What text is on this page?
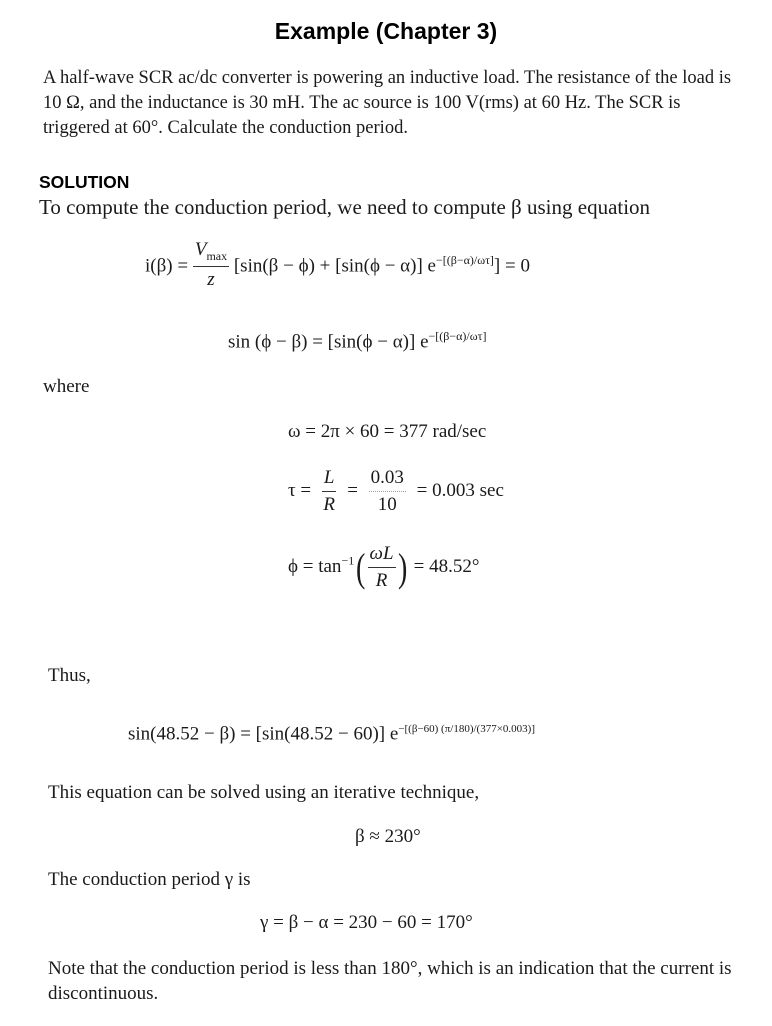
Example (Chapter 3)
A half-wave SCR ac/dc converter is powering an inductive load. The resistance of the load is 10 Ω, and the inductance is 30 mH. The ac source is 100 V(rms) at 60 Hz. The SCR is triggered at 60°. Calculate the conduction period.
SOLUTION
To compute the conduction period, we need to compute β using equation
$i(\beta) = \frac{V_{max}}{z} [\sin(\beta - \phi) + [\sin(\phi - \alpha)] e^{-[(\beta-\alpha)/\omega\tau]}] = 0$
sin (ϕ − β) = [sin(ϕ − α)] $e^{-[(\beta-\alpha)/\omega\tau]}$
where
ω = 2π × 60 = 377 rad/sec
$\tau = \frac{L}{R} = \frac{0.03}{10} = 0.003$ sec
$\phi = \tan^{-1}( \frac{\omega L}{R}$ ) = 48.52°
Thus,
sin(48.52 − β) = [sin(48.52 − 60)] $e^{-[(\beta-60) (\pi/180)/(377\times 0.003)]}$
This equation can be solved using an iterative technique,
β ≈ 230°
The conduction period γ is
γ = β − α = 230 − 60 = 170°
Note that the conduction period is less than 180°, which is an indication that the current is discontinuous.
